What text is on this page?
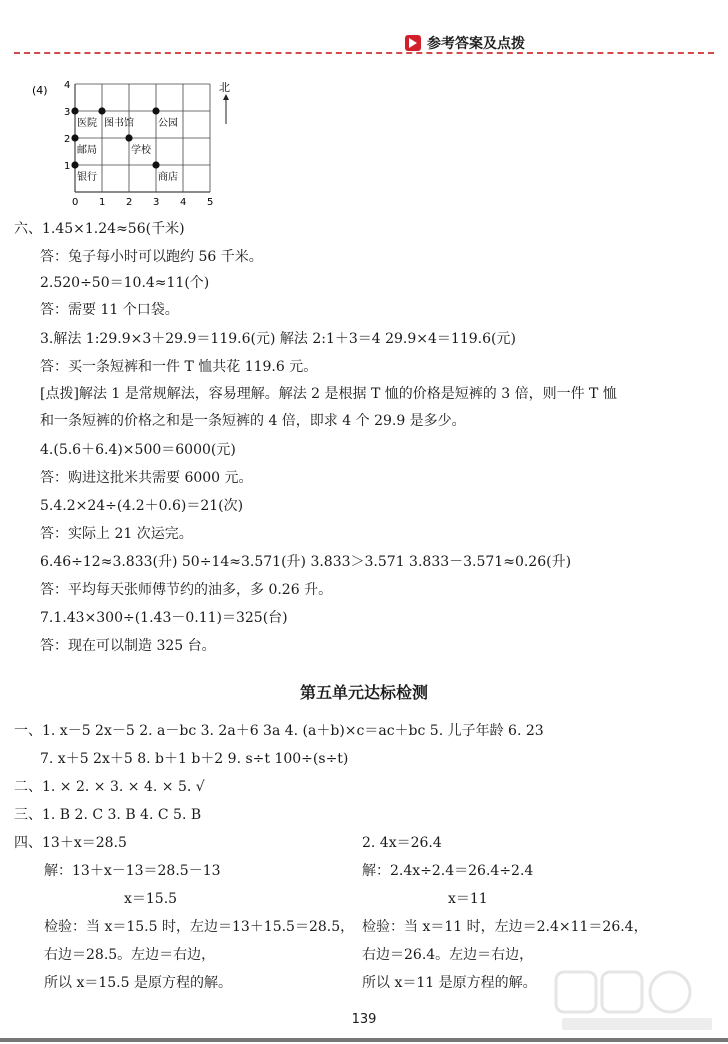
参考答案及点拨
(4)
0 1 2 3 4 5
1
2
3
4
医院 图书馆 公园
学校
邮局
银行	商店
北
六、1.45×1.24≈56(千米)
答：兔子每小时可以跑约 56 千米。
2.520÷50＝10.4≈11(个)
答：需要 11 个口袋。
3.解法 1:29.9×3＋29.9＝119.6(元) 解法 2:1＋3＝4 29.9×4＝119.6(元)
答：买一条短裤和一件 T 恤共花 119.6 元。
[点拨]解法 1 是常规解法，容易理解。解法 2 是根据 T 恤的价格是短裤的 3 倍，则一件 T 恤
和一条短裤的价格之和是一条短裤的 4 倍，即求 4 个 29.9 是多少。
4.(5.6＋6.4)×500＝6000(元)
答：购进这批米共需要 6000 元。
5.4.2×24÷(4.2＋0.6)＝21(次)
答：实际上 21 次运完。
6.46÷12≈3.833(升) 50÷14≈3.571(升) 3.833＞3.571 3.833－3.571≈0.26(升)
答：平均每天张师傅节约的油多，多 0.26 升。
7.1.43×300÷(1.43－0.11)＝325(台)
答：现在可以制造 325 台。
第五单元达标检测
一、1. x－5 2x－5 2. a－bc 3. 2a＋6 3a 4. (a＋b)×c＝ac＋bc 5. 儿子年龄 6. 23
7. x＋5 2x＋5 8. b＋1 b＋2 9. s÷t 100÷(s÷t)
二、1. × 2. × 3. × 4. × 5. √
三、1. B 2. C 3. B 4. C 5. B
四、13＋x＝28.5
解：13＋x－13＝28.5－13
x＝15.5
检验：当 x＝15.5 时，左边＝13＋15.5＝28.5，
右边＝28.5。左边＝右边，
所以 x＝15.5 是原方程的解。
2. 4x＝26.4
解：2.4x÷2.4＝26.4÷2.4
x＝11
检验：当 x＝11 时，左边＝2.4×11＝26.4，
右边＝26.4。左边＝右边，
所以 x＝11 是原方程的解。
139
